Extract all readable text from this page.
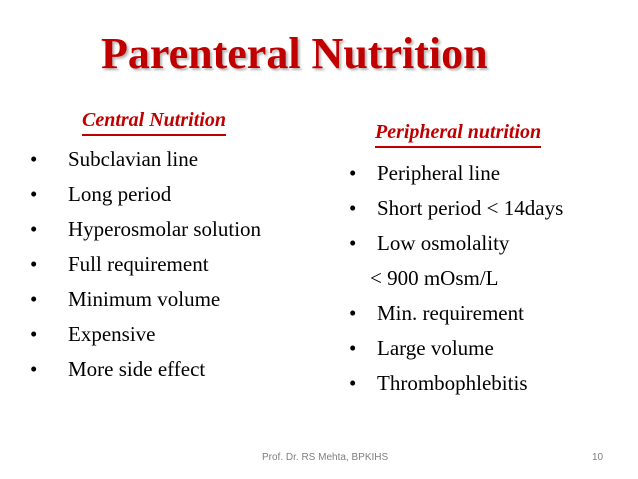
Parenteral Nutrition
Central Nutrition
Peripheral nutrition
• Subclavian line
• Long period
• Hyperosmolar solution
• Full requirement
• Minimum volume
• Expensive
• More side effect
• Peripheral line
• Short period < 14days
• Low osmolality
< 900 mOsm/L
• Min. requirement
• Large volume
• Thrombophlebitis
Prof. Dr. RS Mehta, BPKIHS	10
